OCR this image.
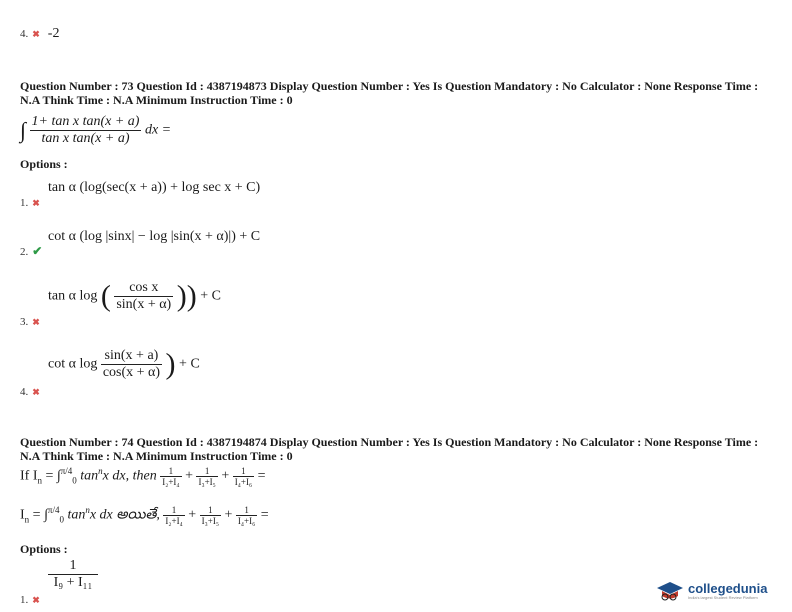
4. ✖ -2
Question Number : 73 Question Id : 4387194873 Display Question Number : Yes Is Question Mandatory : No Calculator : None Response Time : N.A Think Time : N.A Minimum Instruction Time : 0
∫ $\frac{\text{1+ tan x tan(x + a)}}{\text{tan x tan(x + a)}}$ dx =
Options :
tan α (log(sec(x + a)) + log sec x + C)
1. ✖
cot α (log |sinx| − log |sin(x + α)|) + C
2. ✔
tan α log ( $\frac{\text{cos x}}{\sin(x + \alpha)}$ )) + C
3. ✖
cot α $\log \frac{\sin(x + a)}{\cos(x + \alpha)}$ ) + C
4. ✖
Question Number : 74 Question Id : 4387194874 Display Question Number : Yes Is Question Mandatory : No Calculator : None Response Time : N.A Think Time : N.A Minimum Instruction Time : 0
If $I_n = \int^{\pi/4}_0$ $\tan^nx$ dx, then $\frac{1}{\text{I₂+I₄}} + \frac{1}{\text{I₃+I₅}} + \frac{1}{\text{I₄+I₆}}$ =
$I_n = \int^{\pi/4}_0$ $\tan^nx$ dx అయితే, $\frac{1}{\text{I₂+I₄}} + \frac{1}{\text{I₃+I₅}} + \frac{1}{\text{I₄+I₆}}$ =
Options :
$\frac{1}{\text{I₉ + I₁₁}}$
1. ✖
collegedunia
India's largest Student Review Platform
